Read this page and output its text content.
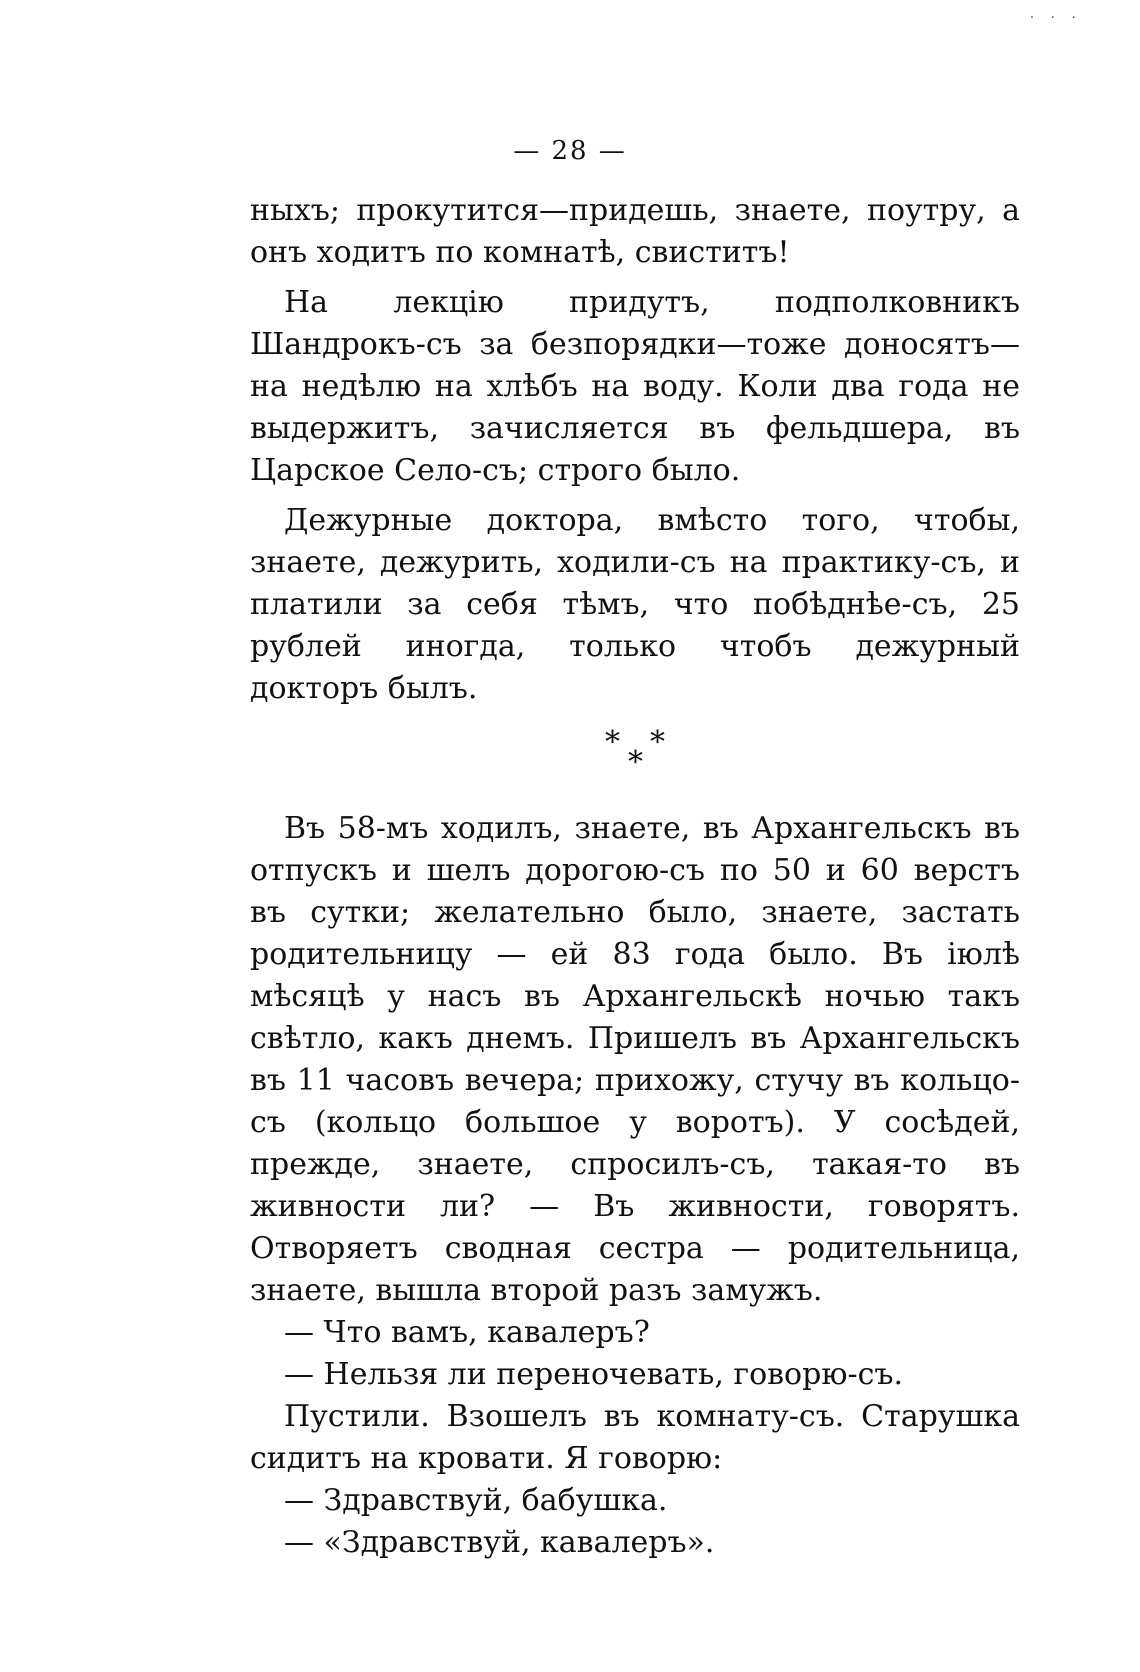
· · ·
— 28 —

ныхъ; прокутится—придешь, знаете, поутру, а онъ ходитъ по комнатѣ, свиститъ!

На лекцію придутъ, подполковникъ Шандрокъ-съ за безпорядки—тоже доносятъ—на недѣлю на хлѣбъ на воду. Коли два года не выдержитъ, зачисляется въ фельдшера, въ Царское Село-съ; строго было.

Дежурные доктора, вмѣсто того, чтобы, знаете, дежурить, ходили-съ на практику-съ, и платили за себя тѣмъ, что побѣднѣе-съ, 25 рублей иногда, только чтобъ дежурный докторъ былъ.

* *
*

Въ 58-мъ ходилъ, знаете, въ Архангельскъ въ отпускъ и шелъ дорогою-съ по 50 и 60 верстъ въ сутки; желательно было, знаете, застать родительницу — ей 83 года было. Въ іюлѣ мѣсяцѣ у насъ въ Архангельскѣ ночью такъ свѣтло, какъ днемъ. Пришелъ въ Архангельскъ въ 11 часовъ вечера; прихожу, стучу въ кольцо-съ (кольцо большое у воротъ). У сосѣдей, прежде, знаете, спросилъ-съ, такая-то въ живности ли? — Въ живности, говорятъ. Отворяетъ сводная сестра — родительница, знаете, вышла второй разъ замужъ.

— Что вамъ, кавалеръ?

— Нельзя ли переночевать, говорю-съ.

Пустили. Взошелъ въ комнату-съ. Старушка сидитъ на кровати. Я говорю:

— Здравствуй, бабушка.

— «Здравствуй, кавалеръ».
